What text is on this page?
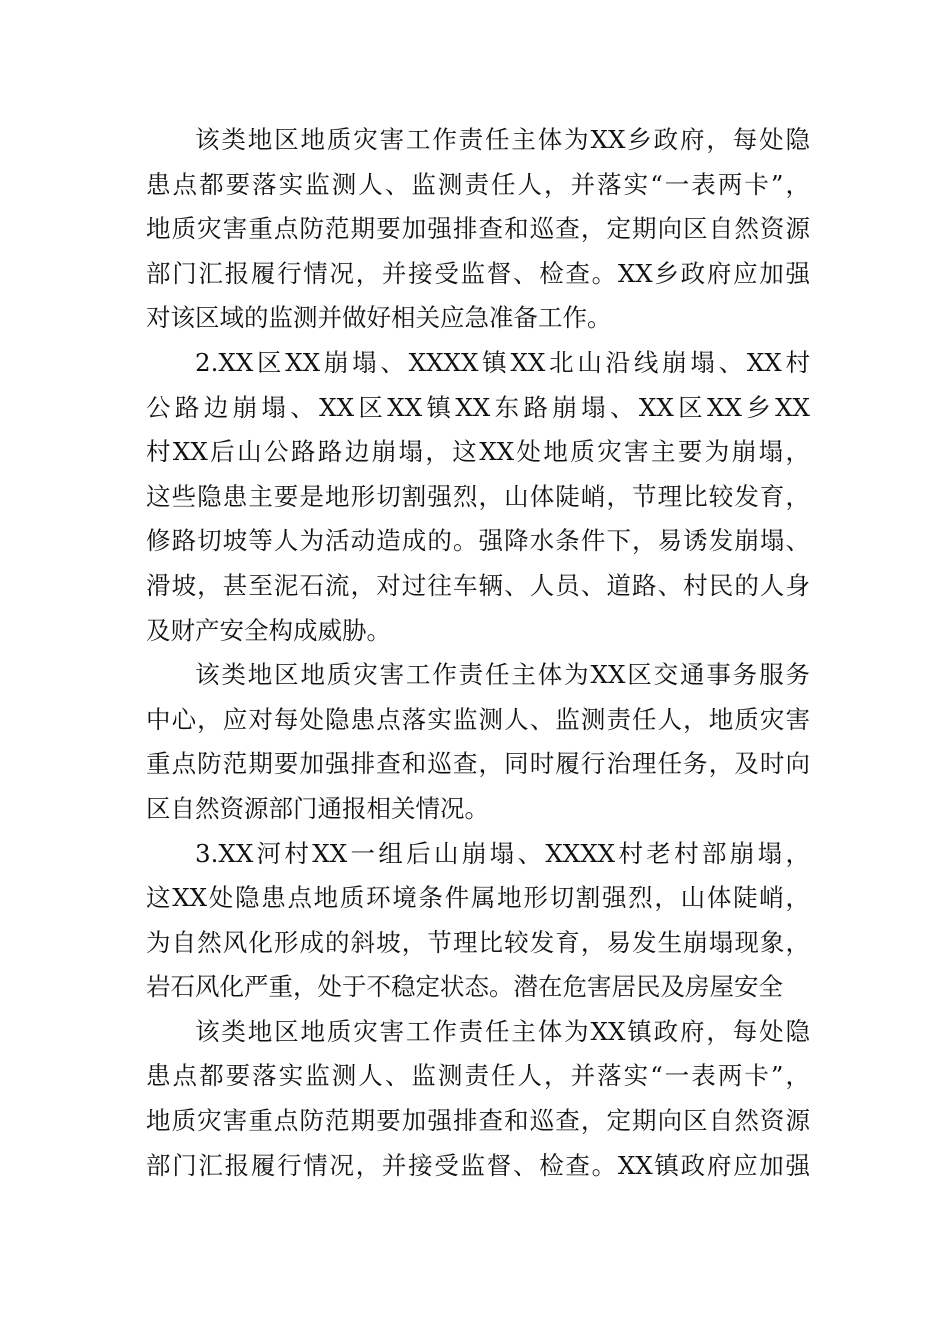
该类地区地质灾害工作责任主体为XX乡政府，每处隐
患点都要落实监测人、监测责任人，并落实“一表两卡”，
地质灾害重点防范期要加强排查和巡查，定期向区自然资源
部门汇报履行情况，并接受监督、检查。XX乡政府应加强
对该区域的监测并做好相关应急准备工作。
2.XX区XX崩塌、XXXX镇XX北山沿线崩塌、XX村
公路边崩塌、XX区XX镇XX东路崩塌、XX区XX乡XX
村XX后山公路路边崩塌，这XX处地质灾害主要为崩塌，
这些隐患主要是地形切割强烈，山体陡峭，节理比较发育，
修路切坡等人为活动造成的。强降水条件下，易诱发崩塌、
滑坡，甚至泥石流，对过往车辆、人员、道路、村民的人身
及财产安全构成威胁。
该类地区地质灾害工作责任主体为XX区交通事务服务
中心，应对每处隐患点落实监测人、监测责任人，地质灾害
重点防范期要加强排查和巡查，同时履行治理任务，及时向
区自然资源部门通报相关情况。
3.XX河村XX一组后山崩塌、XXXX村老村部崩塌，
这XX处隐患点地质环境条件属地形切割强烈，山体陡峭，
为自然风化形成的斜坡，节理比较发育，易发生崩塌现象，
岩石风化严重，处于不稳定状态。潜在危害居民及房屋安全
该类地区地质灾害工作责任主体为XX镇政府，每处隐
患点都要落实监测人、监测责任人，并落实“一表两卡”，
地质灾害重点防范期要加强排查和巡查，定期向区自然资源
部门汇报履行情况，并接受监督、检查。XX镇政府应加强
